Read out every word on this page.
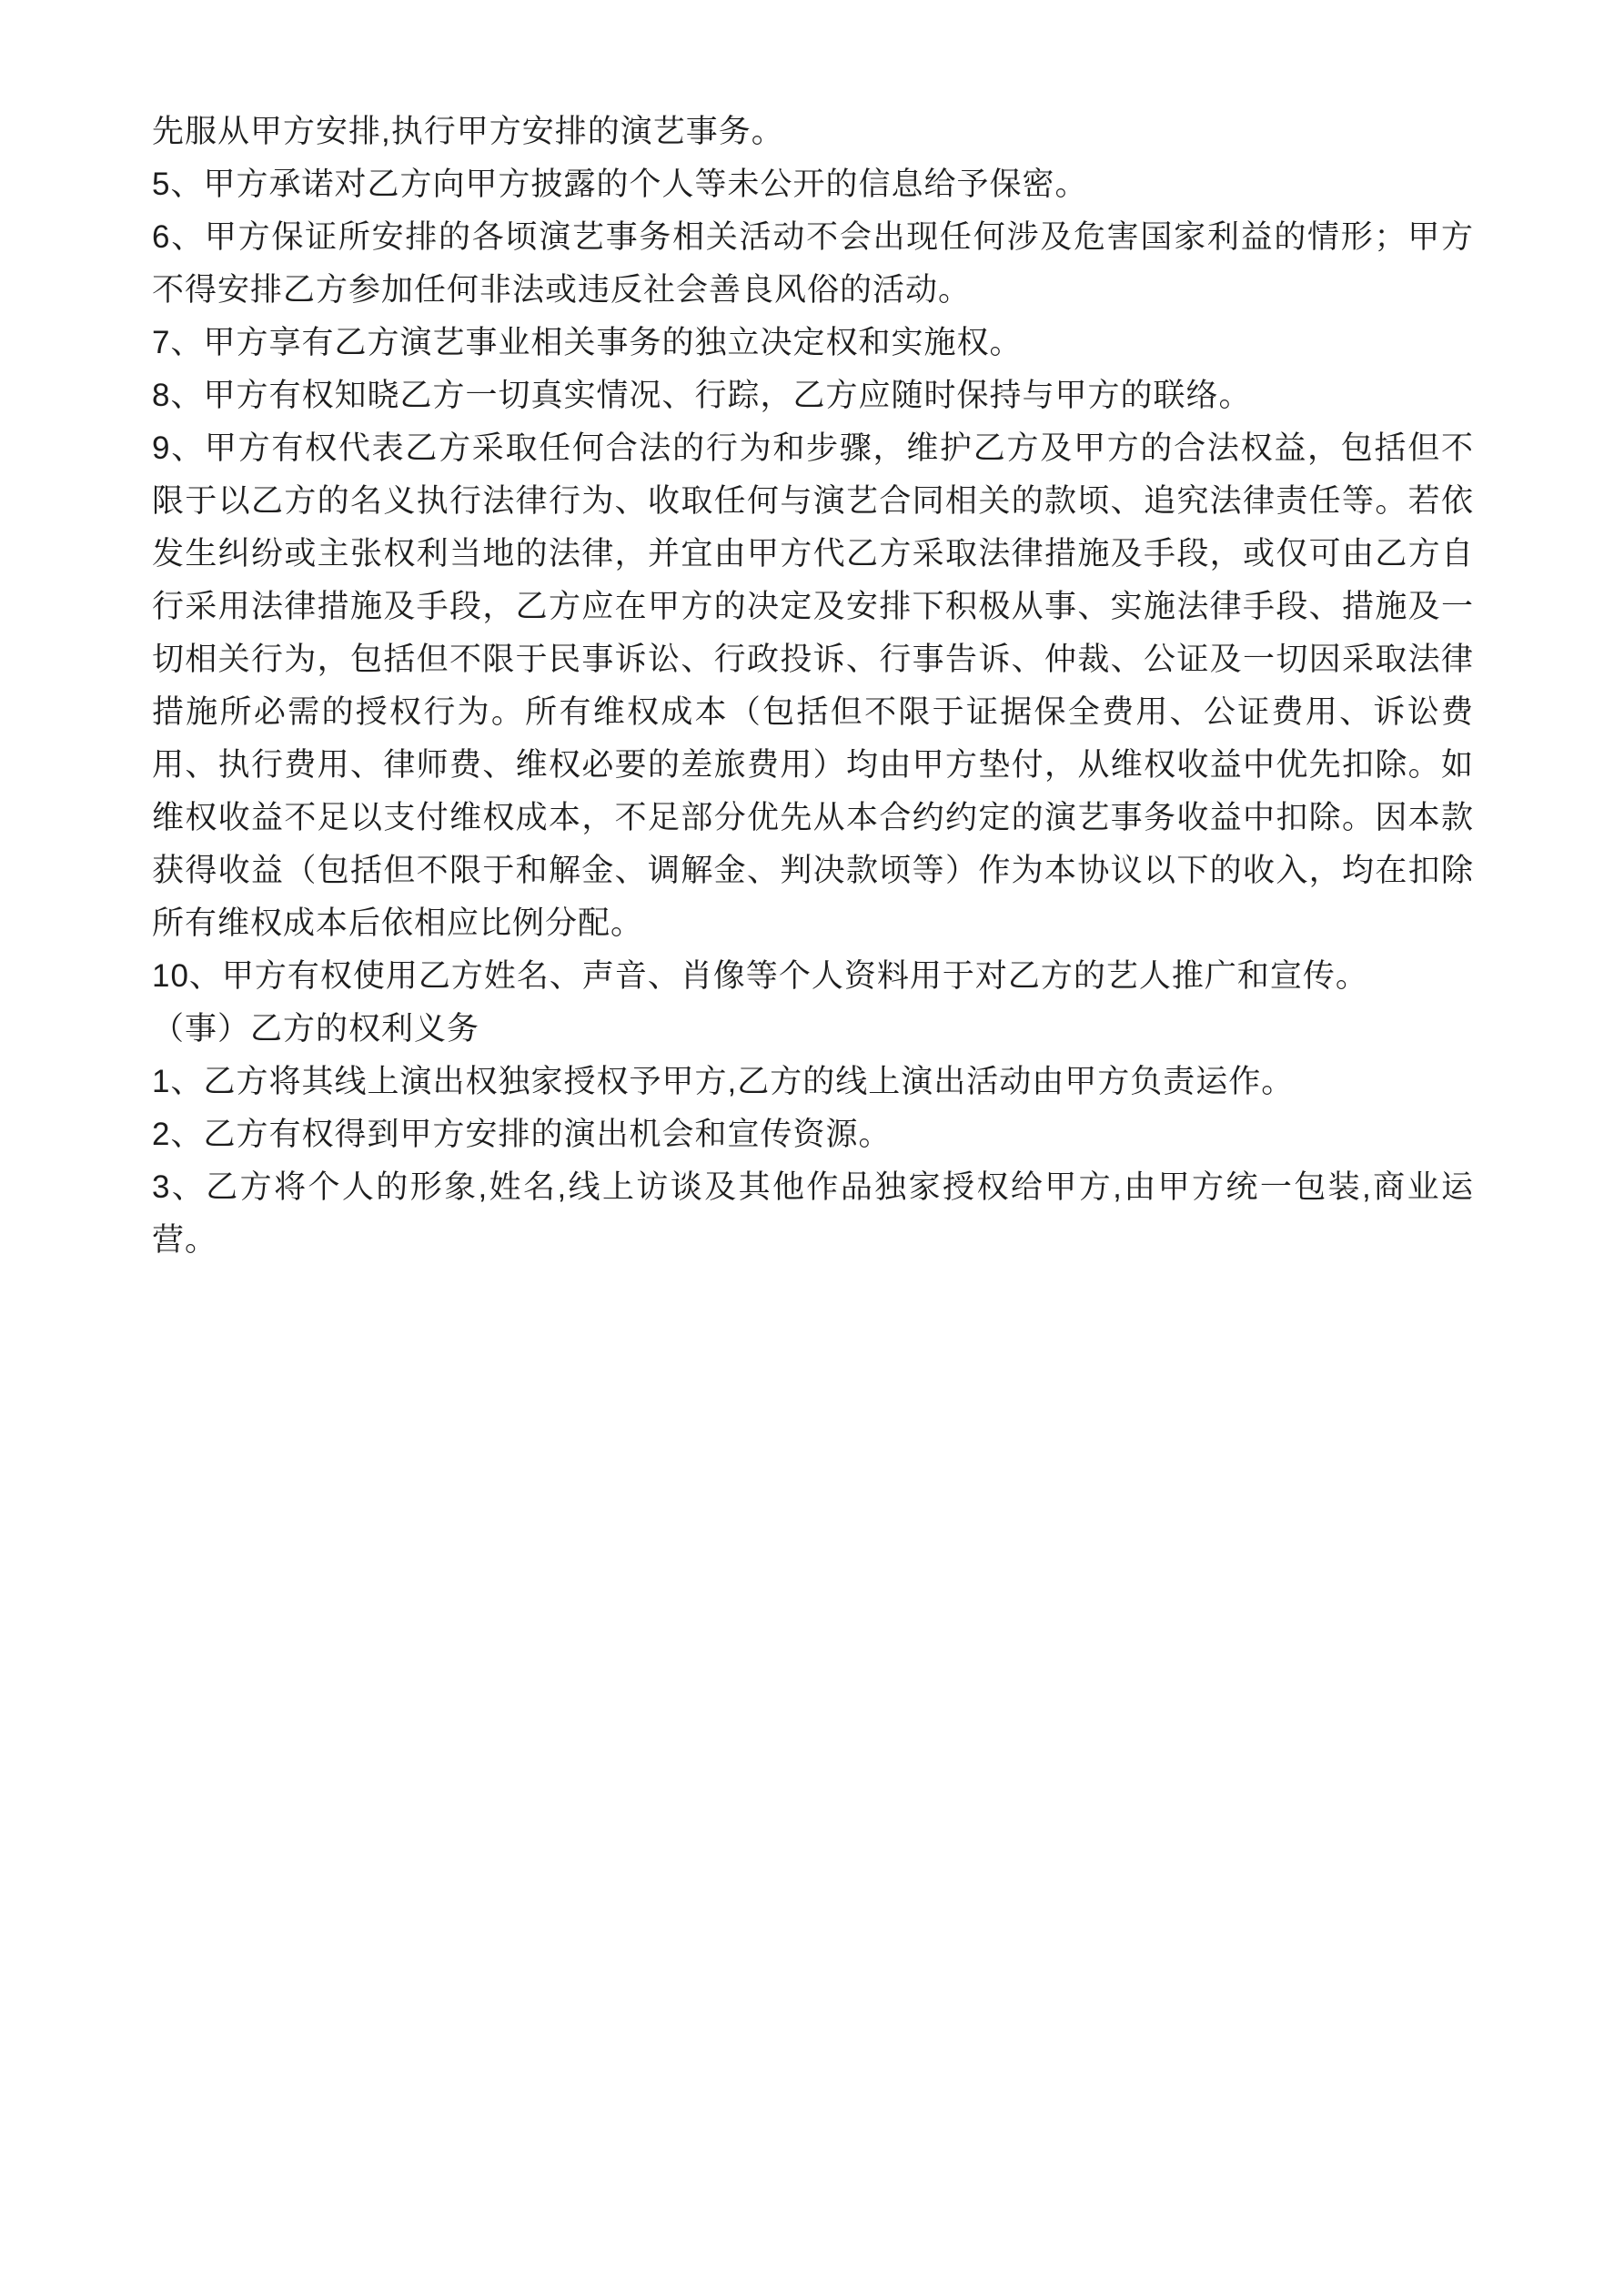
先服从甲方安排,执行甲方安排的演艺事务。

5、甲方承诺对乙方向甲方披露的个人等未公开的信息给予保密。

6、甲方保证所安排的各顷演艺事务相关活动不会出现任何涉及危害国家利益的情形；甲方不得安排乙方参加任何非法或违反社会善良风俗的活动。

7、甲方享有乙方演艺事业相关事务的独立决定权和实施权。

8、甲方有权知晓乙方一切真实情况、行踪，乙方应随时保持与甲方的联络。

9、甲方有权代表乙方采取任何合法的行为和步骤，维护乙方及甲方的合法权益，包括但不限于以乙方的名义执行法律行为、收取任何与演艺合同相关的款顷、追究法律责任等。若依发生纠纷或主张权利当地的法律，并宜由甲方代乙方采取法律措施及手段，或仅可由乙方自行采用法律措施及手段，乙方应在甲方的决定及安排下积极从事、实施法律手段、措施及一切相关行为，包括但不限于民事诉讼、行政投诉、行事告诉、仲裁、公证及一切因采取法律措施所必需的授权行为。所有维权成本（包括但不限于证据保全费用、公证费用、诉讼费用、执行费用、律师费、维权必要的差旅费用）均由甲方垫付，从维权收益中优先扣除。如维权收益不足以支付维权成本，不足部分优先从本合约约定的演艺事务收益中扣除。因本款获得收益（包括但不限于和解金、调解金、判决款顷等）作为本协议以下的收入，均在扣除所有维权成本后依相应比例分配。

10、甲方有权使用乙方姓名、声音、肖像等个人资料用于对乙方的艺人推广和宣传。

（事）乙方的权利义务

1、乙方将其线上演出权独家授权予甲方,乙方的线上演出活动由甲方负责运作。

2、乙方有权得到甲方安排的演出机会和宣传资源。

3、乙方将个人的形象,姓名,线上访谈及其他作品独家授权给甲方,由甲方统一包装,商业运营。
